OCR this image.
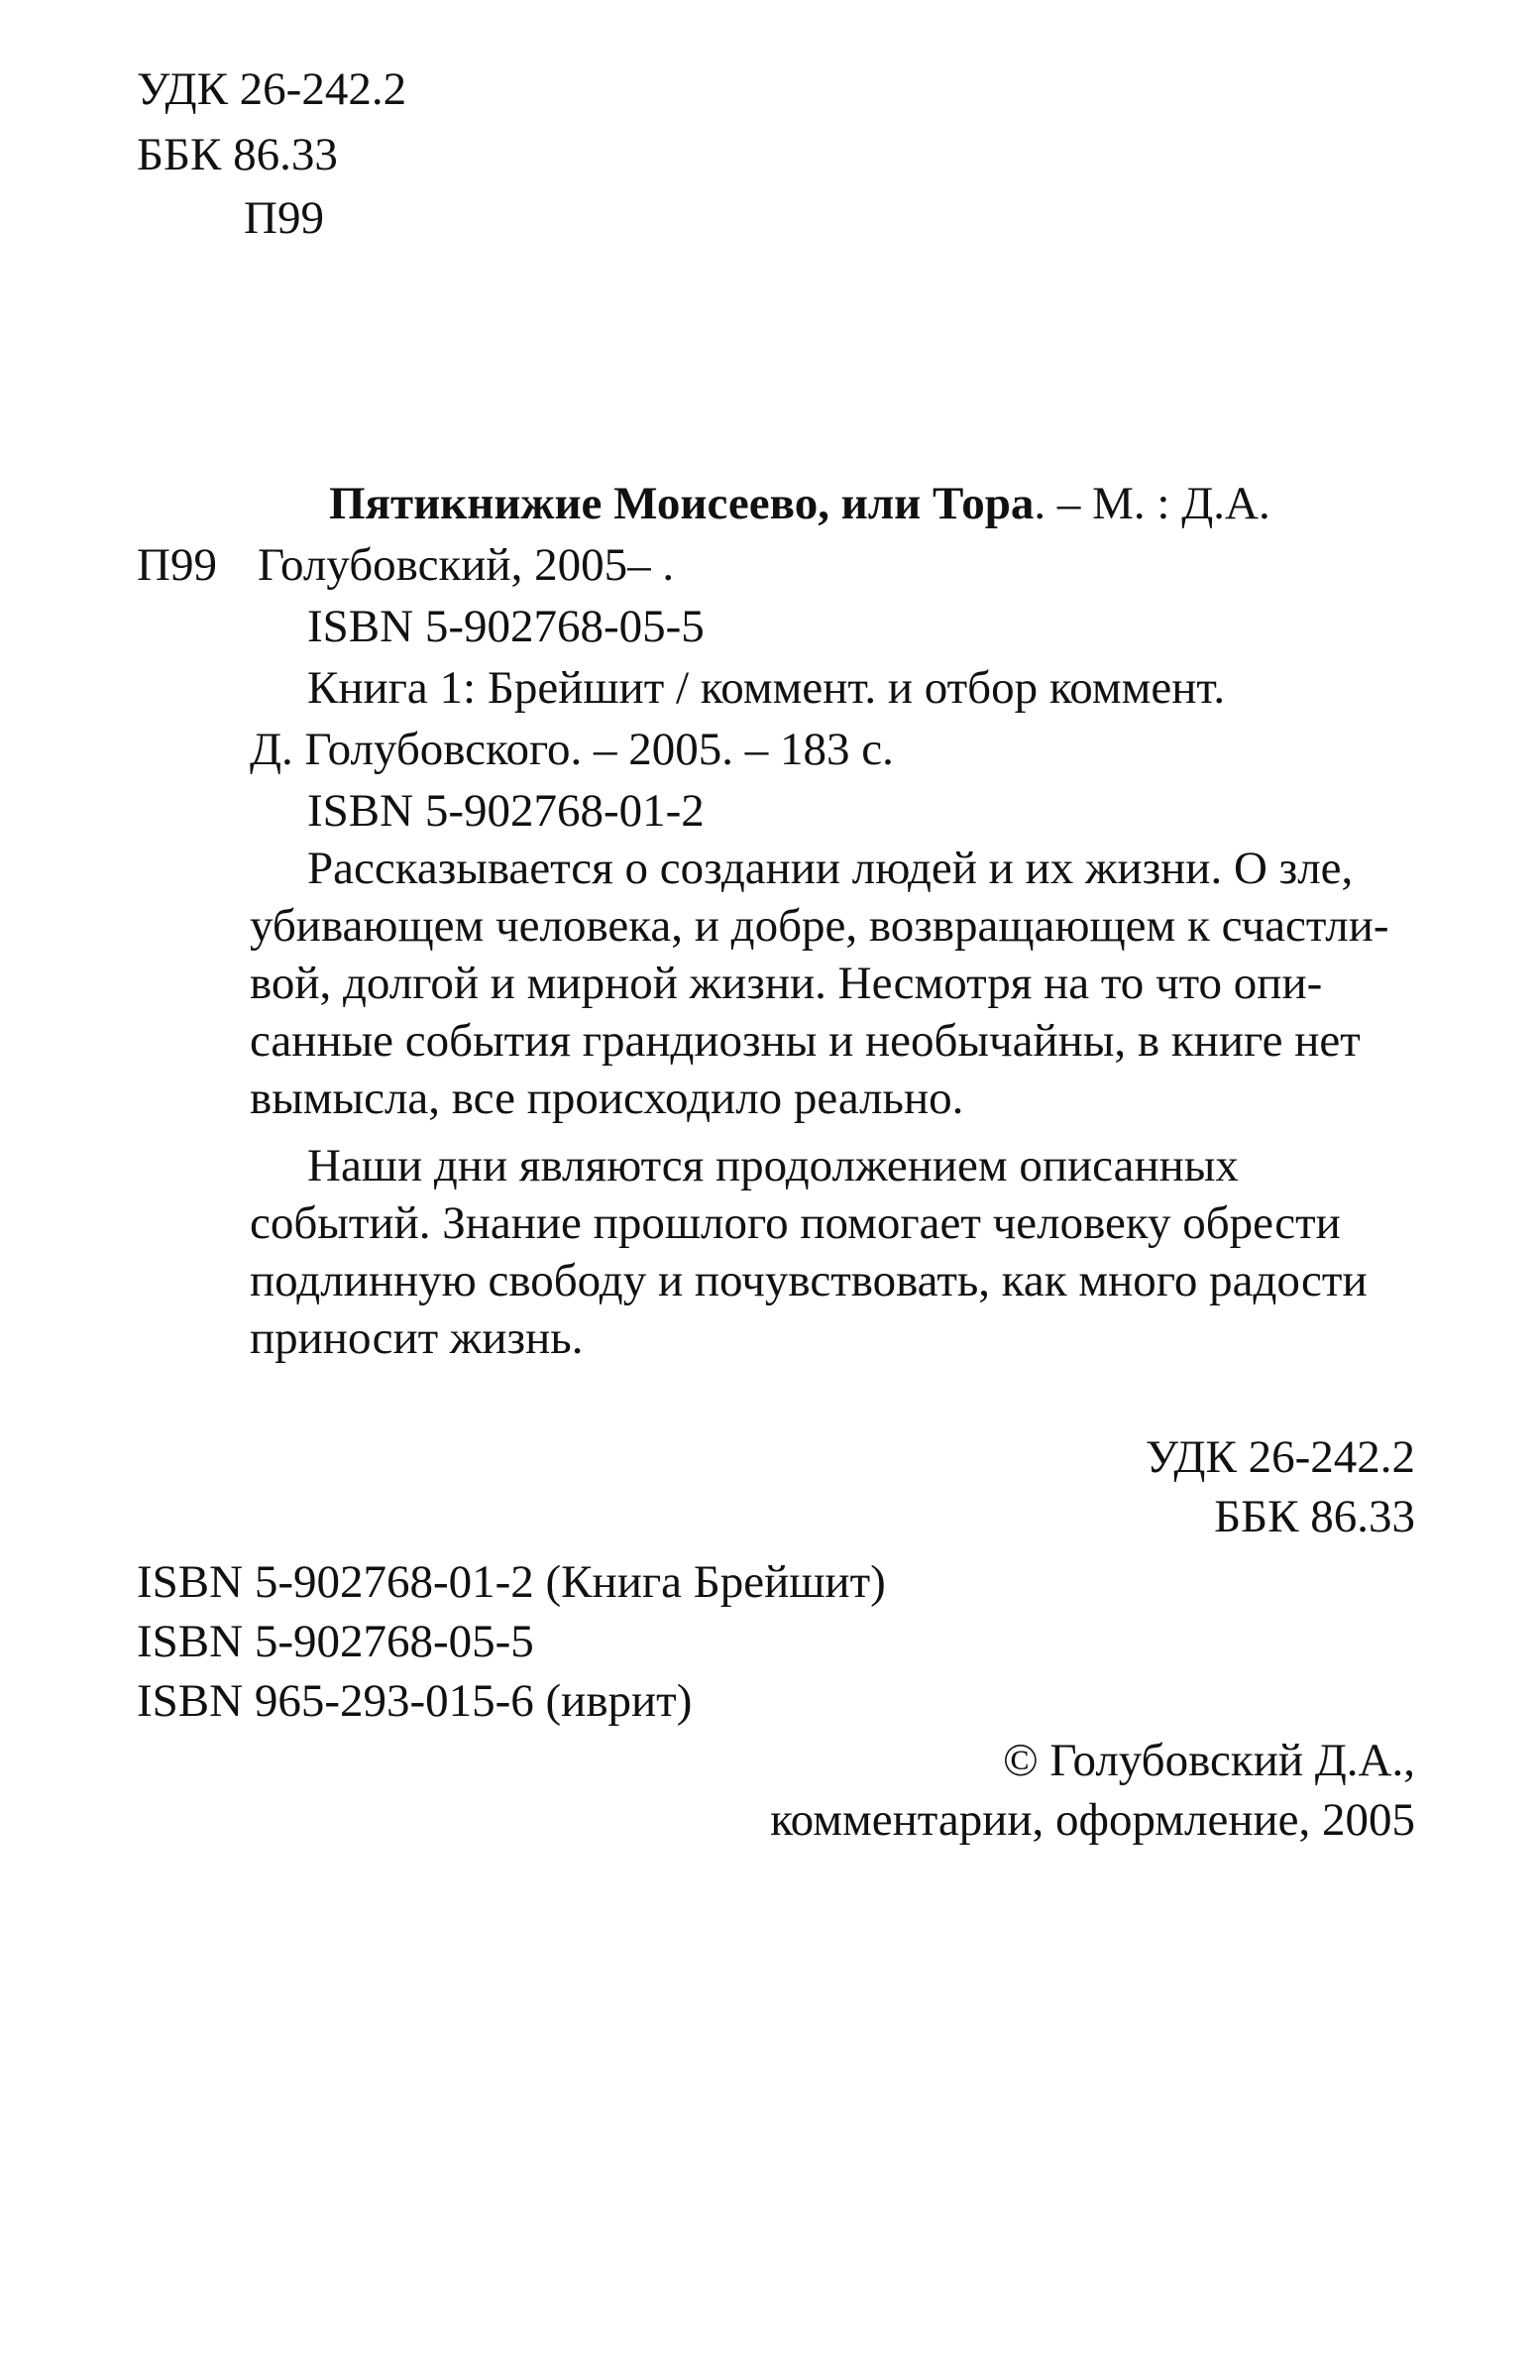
УДК 26-242.2
ББК 86.33
П99
Пятикнижие Моисеево, или Тора. – М. : Д.А.
П99 Голубовский, 2005– .
ISBN 5-902768-05-5
Книга 1: Брейшит / коммент. и отбор коммент.
Д. Голубовского. – 2005. – 183 с.
ISBN 5-902768-01-2
Рассказывается о создании людей и их жизни. О зле,
убивающем человека, и добре, возвращающем к счастли-
вой, долгой и мирной жизни. Несмотря на то что опи-
санные события грандиозны и необычайны, в книге нет
вымысла, все происходило реально.
Наши дни являются продолжением описанных
событий. Знание прошлого помогает человеку обрести
подлинную свободу и почувствовать, как много радости
приносит жизнь.
УДК 26-242.2
ББК 86.33
ISBN 5-902768-01-2 (Книга Брейшит)
ISBN 5-902768-05-5
ISBN 965-293-015-6 (иврит)
© Голубовский Д.А.,
комментарии, оформление, 2005
